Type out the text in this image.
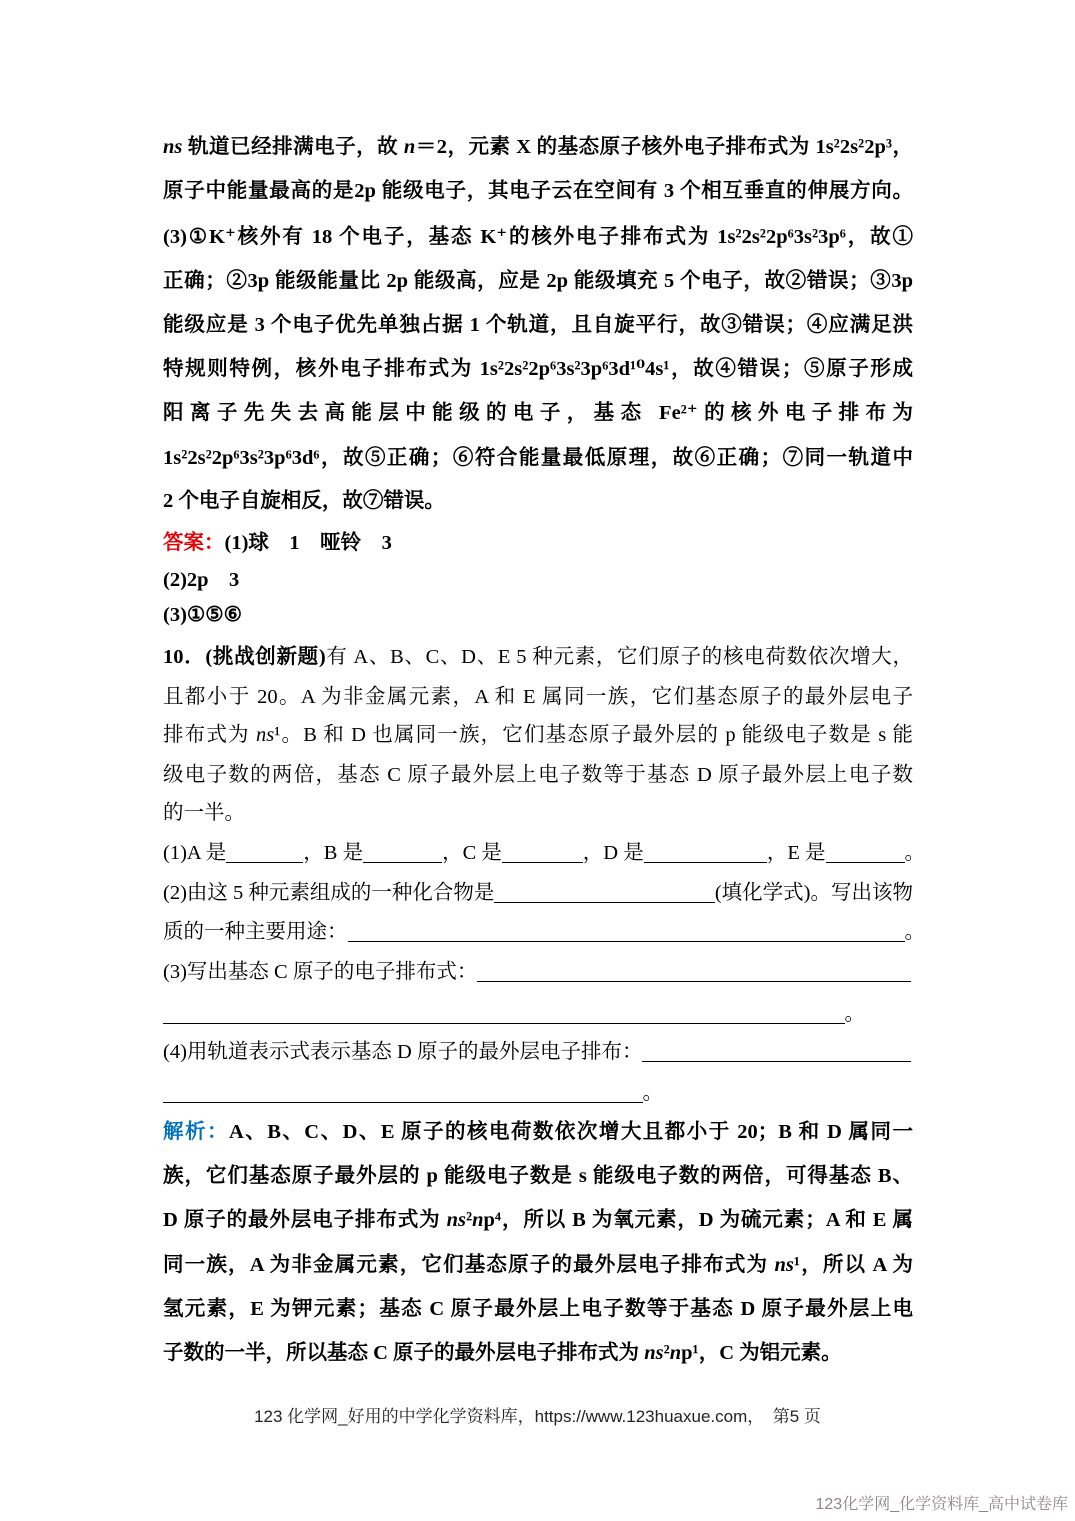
ns 轨道已经排满电子，故 n＝2，元素 X 的基态原子核外电子排布式为 1s²2s²2p³，
原子中能量最高的是2p 能级电子，其电子云在空间有 3 个相互垂直的伸展方向。
(3)①K⁺核外有 18 个电子，基态 K⁺的核外电子排布式为 1s²2s²2p⁶3s²3p⁶，故①
正确；②3p 能级能量比 2p 能级高，应是 2p 能级填充 5 个电子，故②错误；③3p
能级应是 3 个电子优先单独占据 1 个轨道，且自旋平行，故③错误；④应满足洪
特规则特例，核外电子排布式为 1s²2s²2p⁶3s²3p⁶3d¹⁰4s¹，故④错误；⑤原子形成
阳离子先失去高能层中能级的电子，基态 Fe²⁺的核外电子排布为
1s²2s²2p⁶3s²3p⁶3d⁶，故⑤正确；⑥符合能量最低原理，故⑥正确；⑦同一轨道中
2 个电子自旋相反，故⑦错误。
答案：(1)球　1　哑铃　3
(2)2p　3
(3)①⑤⑥
10．(挑战创新题)有 A、B、C、D、E 5 种元素，它们原子的核电荷数依次增大，
且都小于 20。A 为非金属元素，A 和 E 属同一族，它们基态原子的最外层电子
排布式为 ns¹。B 和 D 也属同一族，它们基态原子最外层的 p 能级电子数是 s 能
级电子数的两倍，基态 C 原子最外层上电子数等于基态 D 原子最外层上电子数
的一半。
(1)A 是	，B 是	，C 是	，D 是	，E 是	。
(2)由这 5 种元素组成的一种化合物是	(填化学式)。写出该物
质的一种主要用途：	。
(3)写出基态 C 原子的电子排布式：
。
(4)用轨道表示式表示基态 D 原子的最外层电子排布：
。
解析：A、B、C、D、E 原子的核电荷数依次增大且都小于 20；B 和 D 属同一
族，它们基态原子最外层的 p 能级电子数是 s 能级电子数的两倍，可得基态 B、
D 原子的最外层电子排布式为 ns²np⁴，所以 B 为氧元素，D 为硫元素；A 和 E 属
同一族，A 为非金属元素，它们基态原子的最外层电子排布式为 ns¹，所以 A 为
氢元素，E 为钾元素；基态 C 原子最外层上电子数等于基态 D 原子最外层上电
子数的一半，所以基态 C 原子的最外层电子排布式为 ns²np¹，C 为铝元素。
123 化学网_好用的中学化学资料库，https://www.123huaxue.com，　第5 页
123化学网_化学资料库_高中试卷库
